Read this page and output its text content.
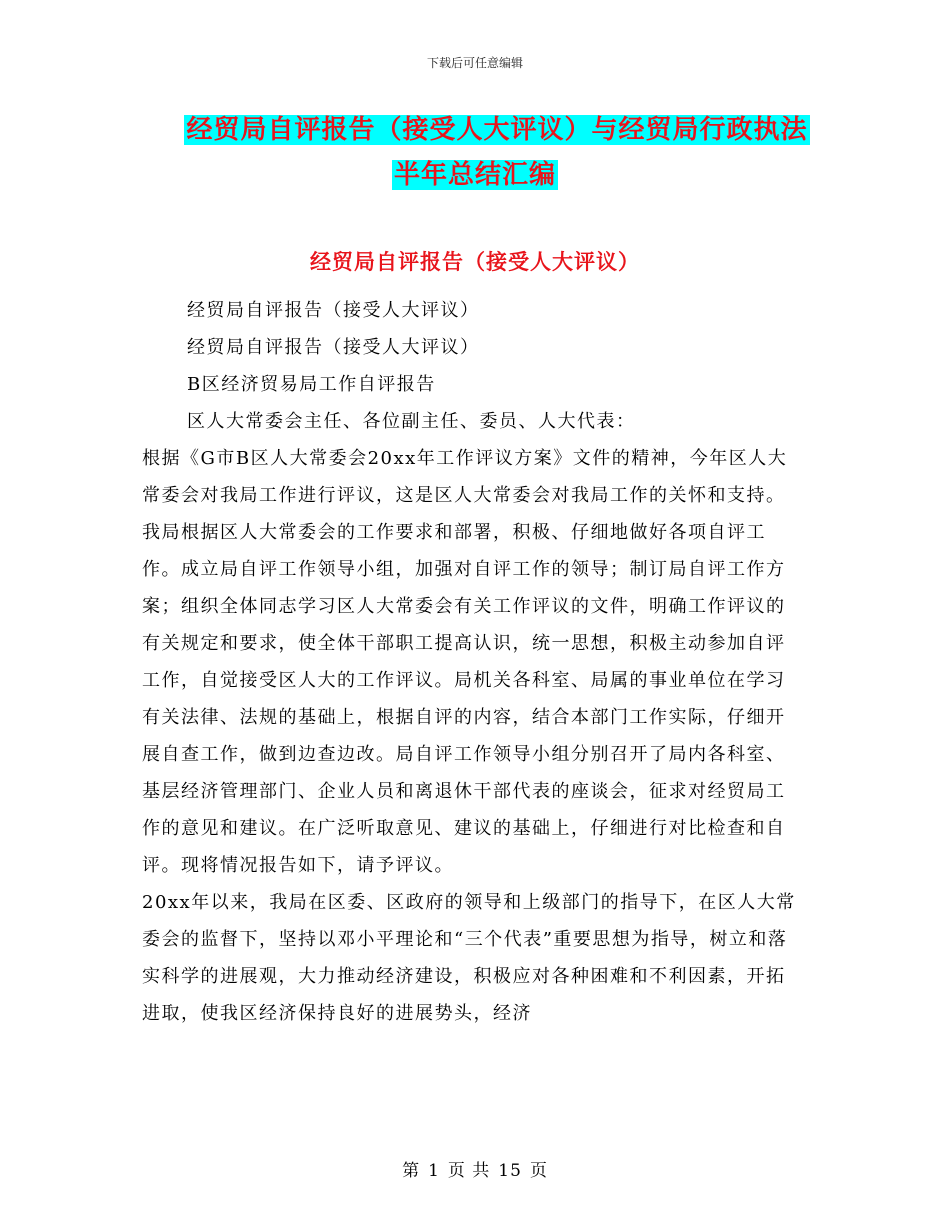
下载后可任意编辑
经贸局自评报告（接受人大评议）与经贸局行政执法
半年总结汇编
经贸局自评报告（接受人大评议）

经贸局自评报告（接受人大评议）

经贸局自评报告（接受人大评议）

B区经济贸易局工作自评报告

区人大常委会主任、各位副主任、委员、人大代表：

根据《G市B区人大常委会20xx年工作评议方案》文件的精神，今年区人大常委会对我局工作进行评议，这是区人大常委会对我局工作的关怀和支持。

我局根据区人大常委会的工作要求和部署，积极、仔细地做好各项自评工作。成立局自评工作领导小组，加强对自评工作的领导；制订局自评工作方案；组织全体同志学习区人大常委会有关工作评议的文件，明确工作评议的有关规定和要求，使全体干部职工提高认识，统一思想，积极主动参加自评工作，自觉接受区人大的工作评议。局机关各科室、局属的事业单位在学习有关法律、法规的基础上，根据自评的内容，结合本部门工作实际，仔细开展自查工作，做到边查边改。局自评工作领导小组分别召开了局内各科室、基层经济管理部门、企业人员和离退休干部代表的座谈会，征求对经贸局工作的意见和建议。在广泛听取意见、建议的基础上，仔细进行对比检查和自评。现将情况报告如下，请予评议。

20xx年以来，我局在区委、区政府的领导和上级部门的指导下，在区人大常委会的监督下，坚持以邓小平理论和“三个代表”重要思想为指导，树立和落实科学的进展观，大力推动经济建设，积极应对各种困难和不利因素，开拓进取，使我区经济保持良好的进展势头，经济

第 1 页 共 15 页
